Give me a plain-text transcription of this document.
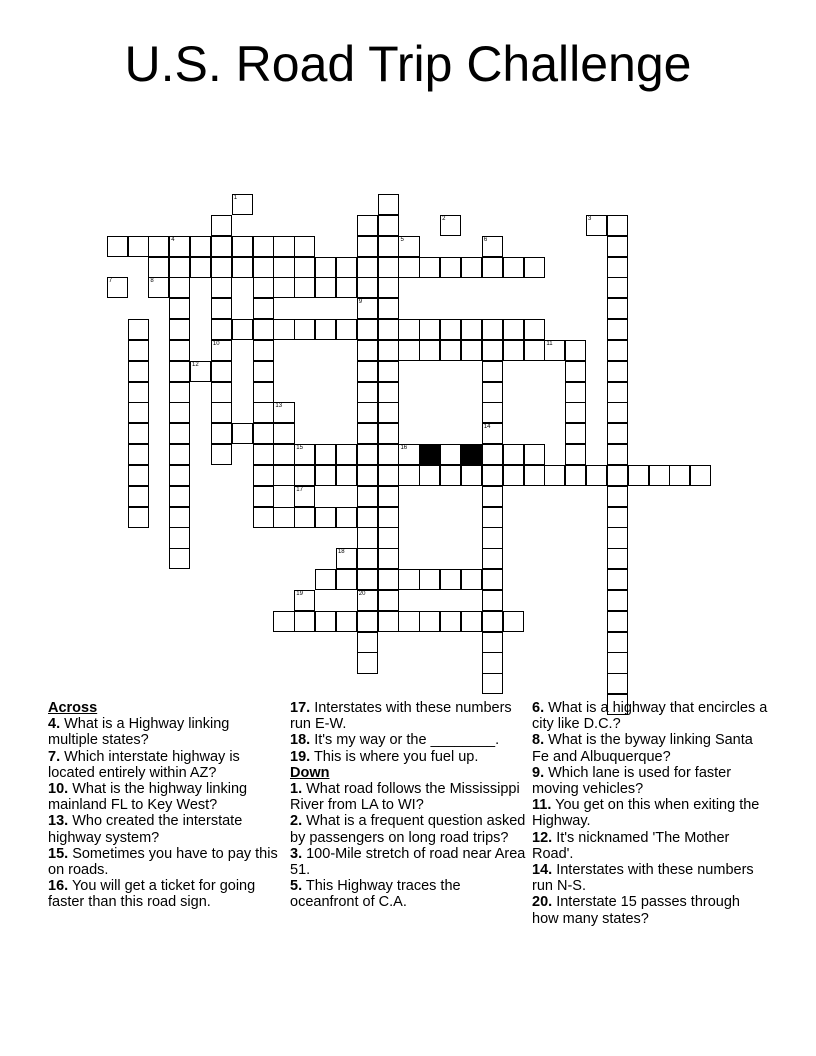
U.S. Road Trip Challenge
4
10
9
20
16
14
15
1
2	3
5	6
7	8
11
12
13
17
18
19
Across
4. What is a Highway linking multiple states?
7. Which interstate highway is located entirely within AZ?
10. What is the highway linking mainland FL to Key West?
13. Who created the interstate highway system?
15. Sometimes you have to pay this on roads.
16. You will get a ticket for going faster than this road sign.
17. Interstates with these numbers run E-W.
18. It's my way or the ________.
19. This is where you fuel up.
Down
1. What road follows the Mississippi River from LA to WI?
2. What is a frequent question asked by passengers on long road trips?
3. 100-Mile stretch of road near Area 51.
5. This Highway traces the oceanfront of C.A.
6. What is a highway that encircles a city like D.C.?
8. What is the byway linking Santa Fe and Albuquerque?
9. Which lane is used for faster moving vehicles?
11. You get on this when exiting the Highway.
12. It's nicknamed 'The Mother Road'.
14. Interstates with these numbers run N-S.
20. Interstate 15 passes through how many states?
